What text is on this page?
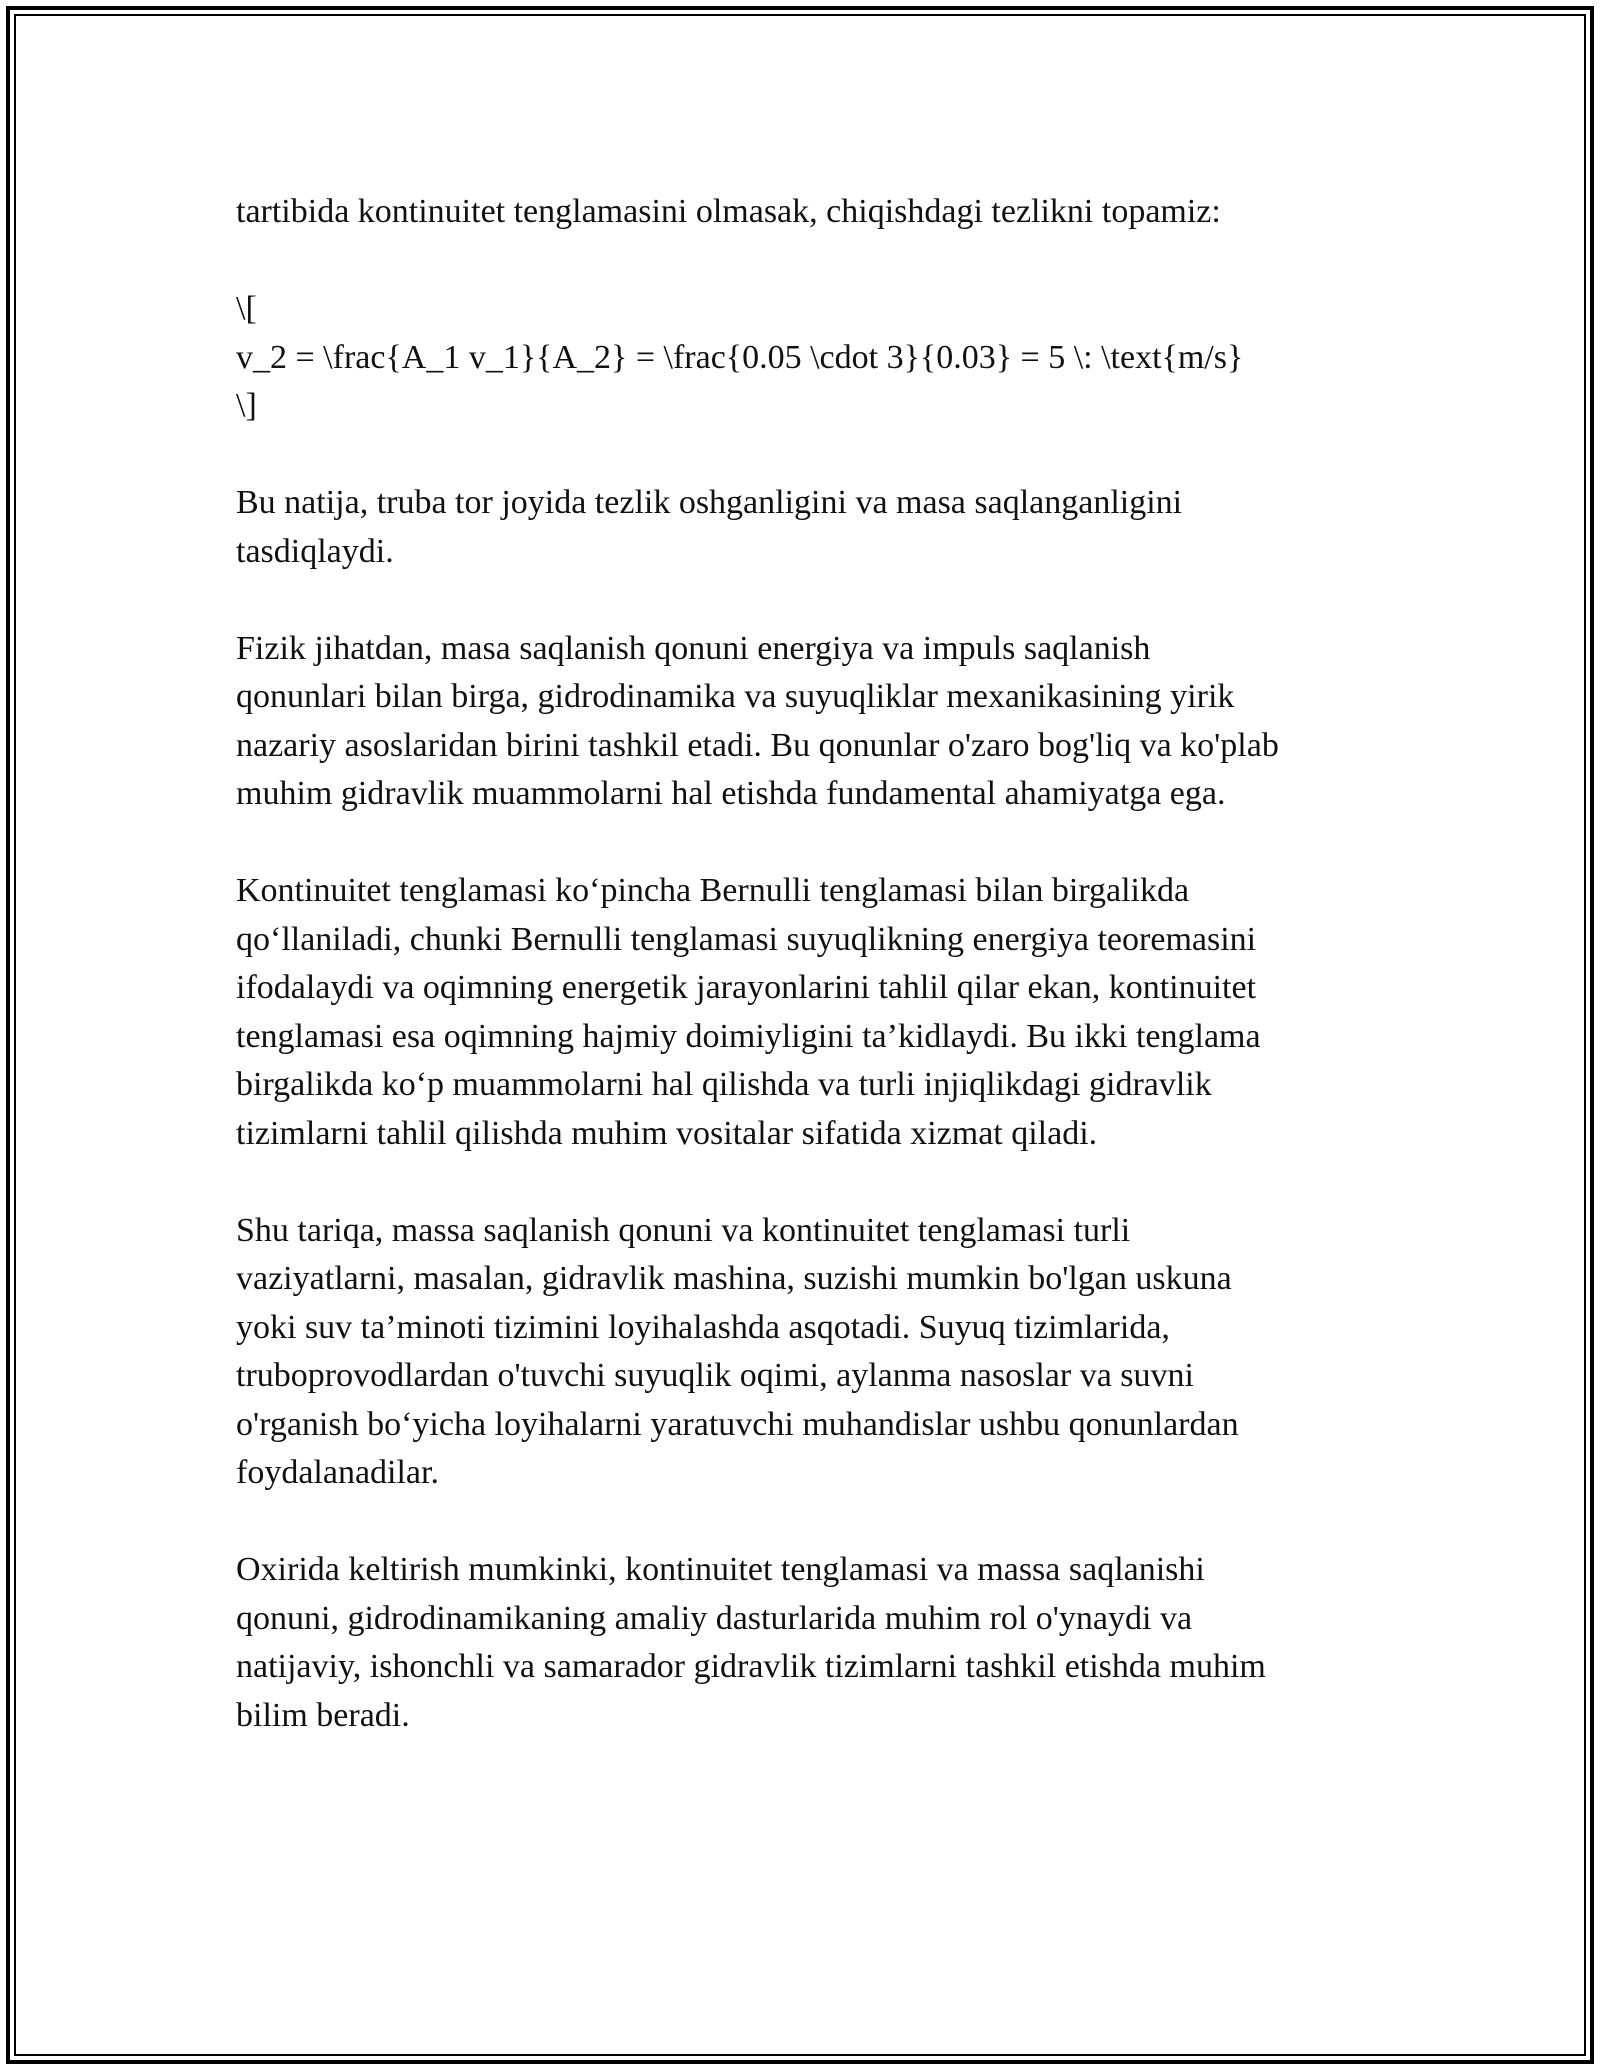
tartibida kontinuitet tenglamasini olmasak, chiqishdagi tezlikni topamiz:

\[
v_2 = \frac{A_1 v_1}{A_2} = \frac{0.05 \cdot 3}{0.03} = 5 \: \text{m/s}
\]

Bu natija, truba tor joyida tezlik oshganligini va masa saqlanganligini
tasdiqlaydi.

Fizik jihatdan, masa saqlanish qonuni energiya va impuls saqlanish
qonunlari bilan birga, gidrodinamika va suyuqliklar mexanikasining yirik
nazariy asoslaridan birini tashkil etadi. Bu qonunlar o'zaro bog'liq va ko'plab
muhim gidravlik muammolarni hal etishda fundamental ahamiyatga ega.

Kontinuitet tenglamasi ko‘pincha Bernulli tenglamasi bilan birgalikda
qo‘llaniladi, chunki Bernulli tenglamasi suyuqlikning energiya teoremasini
ifodalaydi va oqimning energetik jarayonlarini tahlil qilar ekan, kontinuitet
tenglamasi esa oqimning hajmiy doimiyligini ta’kidlaydi. Bu ikki tenglama
birgalikda ko‘p muammolarni hal qilishda va turli injiqlikdagi gidravlik
tizimlarni tahlil qilishda muhim vositalar sifatida xizmat qiladi.

Shu tariqa, massa saqlanish qonuni va kontinuitet tenglamasi turli
vaziyatlarni, masalan, gidravlik mashina, suzishi mumkin bo'lgan uskuna
yoki suv ta’minoti tizimini loyihalashda asqotadi. Suyuq tizimlarida,
truboprovodlardan o'tuvchi suyuqlik oqimi, aylanma nasoslar va suvni
o'rganish bo‘yicha loyihalarni yaratuvchi muhandislar ushbu qonunlardan
foydalanadilar.

Oxirida keltirish mumkinki, kontinuitet tenglamasi va massa saqlanishi
qonuni, gidrodinamikaning amaliy dasturlarida muhim rol o'ynaydi va
natijaviy, ishonchli va samarador gidravlik tizimlarni tashkil etishda muhim
bilim beradi.
